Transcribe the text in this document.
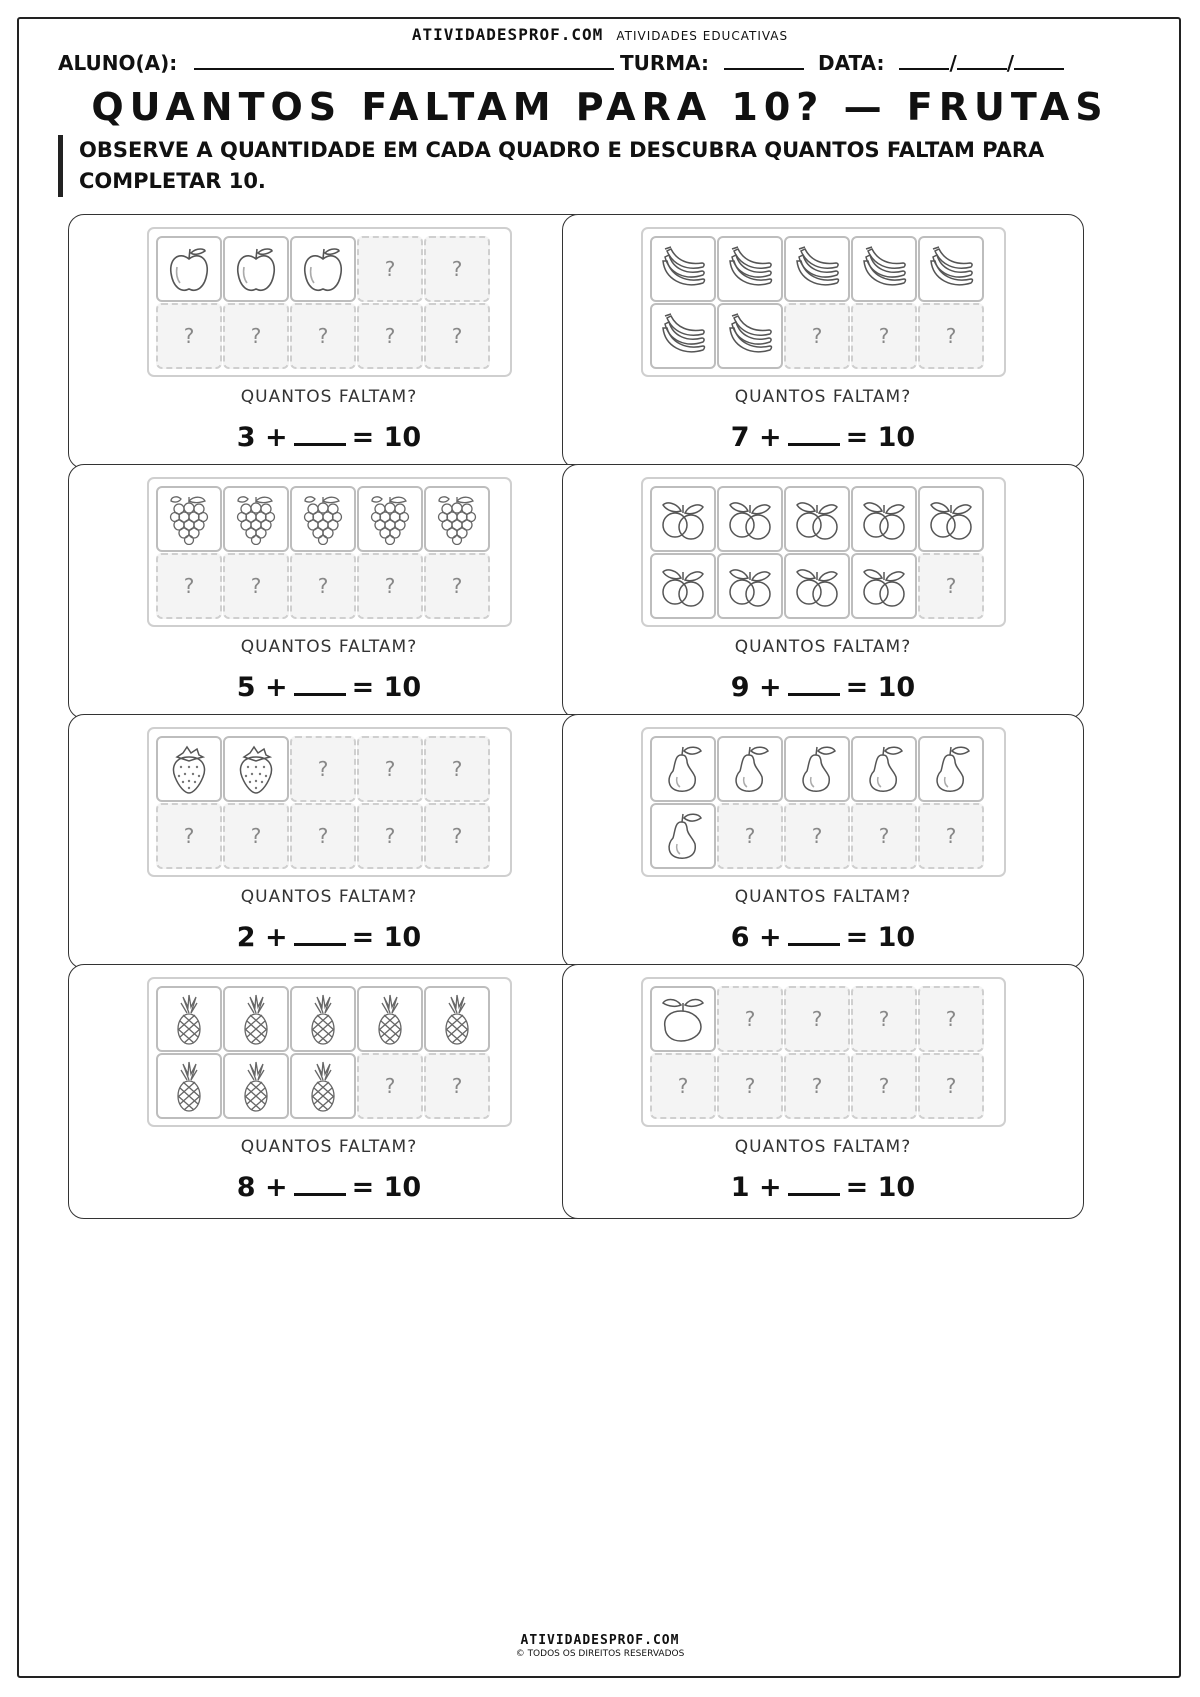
ATIVIDADESPROF.COM ATIVIDADES EDUCATIVAS
ALUNO(A):	TURMA:	DATA:	/	/
QUANTOS FALTAM PARA 10? — FRUTAS
OBSERVE A QUANTIDADE EM CADA QUADRO E DESCUBRA QUANTOS FALTAM PARA COMPLETAR 10.
?	?
?	?	?	?	?
QUANTOS FALTAM?
3 + = 10
?	?	?
QUANTOS FALTAM?
7 + = 10
?	?	?	?	?
QUANTOS FALTAM?
5 + = 10
?
QUANTOS FALTAM?
9 + = 10
?	?	?
?	?	?	?	?
QUANTOS FALTAM?
2 + = 10
?	?	?	?
QUANTOS FALTAM?
6 + = 10
?	?
QUANTOS FALTAM?
8 + = 10
?	?	?	?
?	?	?	?	?
QUANTOS FALTAM?
1 + = 10
ATIVIDADESPROF.COM
© TODOS OS DIREITOS RESERVADOS
